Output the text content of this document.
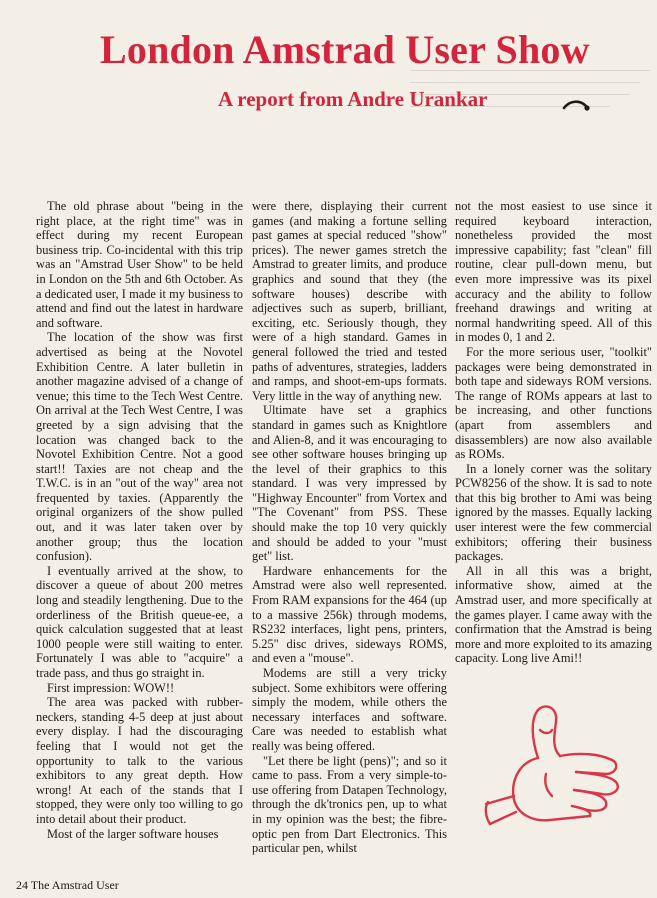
​
London Amstrad User Show
A report from Andre Urankar

The old phrase about "being in the right place, at the right time" was in effect during my recent European business trip. Co-incidental with this trip was an "Amstrad User Show" to be held in London on the 5th and 6th October. As a dedicated user, I made it my business to attend and find out the latest in hardware and software.

The location of the show was first advertised as being at the Novotel Exhibition Centre. A later bulletin in another magazine advised of a change of venue; this time to the Tech West Centre. On arrival at the Tech West Centre, I was greeted by a sign advising that the location was changed back to the Novotel Exhibition Centre. Not a good start!! Taxies are not cheap and the T.W.C. is in an "out of the way" area not frequented by taxies. (Apparently the original organizers of the show pulled out, and it was later taken over by another group; thus the location confusion).

I eventually arrived at the show, to discover a queue of about 200 metres long and steadily lengthening. Due to the orderliness of the British queue-ee, a quick calculation suggested that at least 1000 people were still waiting to enter. Fortunately I was able to "acquire" a trade pass, and thus go straight in.

First impression: WOW!!

The area was packed with rubber-neckers, standing 4-5 deep at just about every display. I had the discouraging feeling that I would not get the opportunity to talk to the various exhibitors to any great depth. How wrong! At each of the stands that I stopped, they were only too willing to go into detail about their product.

Most of the larger software houses

were there, displaying their current games (and making a fortune selling past games at special reduced "show" prices). The newer games stretch the Amstrad to greater limits, and produce graphics and sound that they (the software houses) describe with adjectives such as superb, brilliant, exciting, etc. Seriously though, they were of a high standard. Games in general followed the tried and tested paths of adventures, strategies, ladders and ramps, and shoot-em-ups formats. Very little in the way of anything new.

Ultimate have set a graphics standard in games such as Knightlore and Alien-8, and it was encouraging to see other software houses bringing up the level of their graphics to this standard. I was very impressed by "Highway Encounter" from Vortex and "The Covenant" from PSS. These should make the top 10 very quickly and should be added to your "must get" list.

Hardware enhancements for the Amstrad were also well represented. From RAM expansions for the 464 (up to a massive 256k) through modems, RS232 interfaces, light pens, printers, 5.25" disc drives, sideways ROMS, and even a "mouse".

Modems are still a very tricky subject. Some exhibitors were offering simply the modem, while others the necessary interfaces and software. Care was needed to establish what really was being offered.

"Let there be light (pens)"; and so it came to pass. From a very simple-to-use offering from Datapen Technology, through the dk'tronics pen, up to what in my opinion was the best; the fibre-optic pen from Dart Electronics. This particular pen, whilst

not the most easiest to use since it required keyboard interaction, nonetheless provided the most impressive capability; fast "clean" fill routine, clear pull-down menu, but even more impressive was its pixel accuracy and the ability to follow freehand drawings and writing at normal handwriting speed. All of this in modes 0, 1 and 2.

For the more serious user, "toolkit" packages were being demonstrated in both tape and sideways ROM versions. The range of ROMs appears at last to be increasing, and other functions (apart from assemblers and disassemblers) are now also available as ROMs.

In a lonely corner was the solitary PCW8256 of the show. It is sad to note that this big brother to Ami was being ignored by the masses. Equally lacking user interest were the few commercial exhibitors; offering their business packages.

All in all this was a bright, informative show, aimed at the Amstrad user, and more specifically at the games player. I came away with the confirmation that the Amstrad is being more and more exploited to its amazing capacity. Long live Ami!!

24 The Amstrad User
